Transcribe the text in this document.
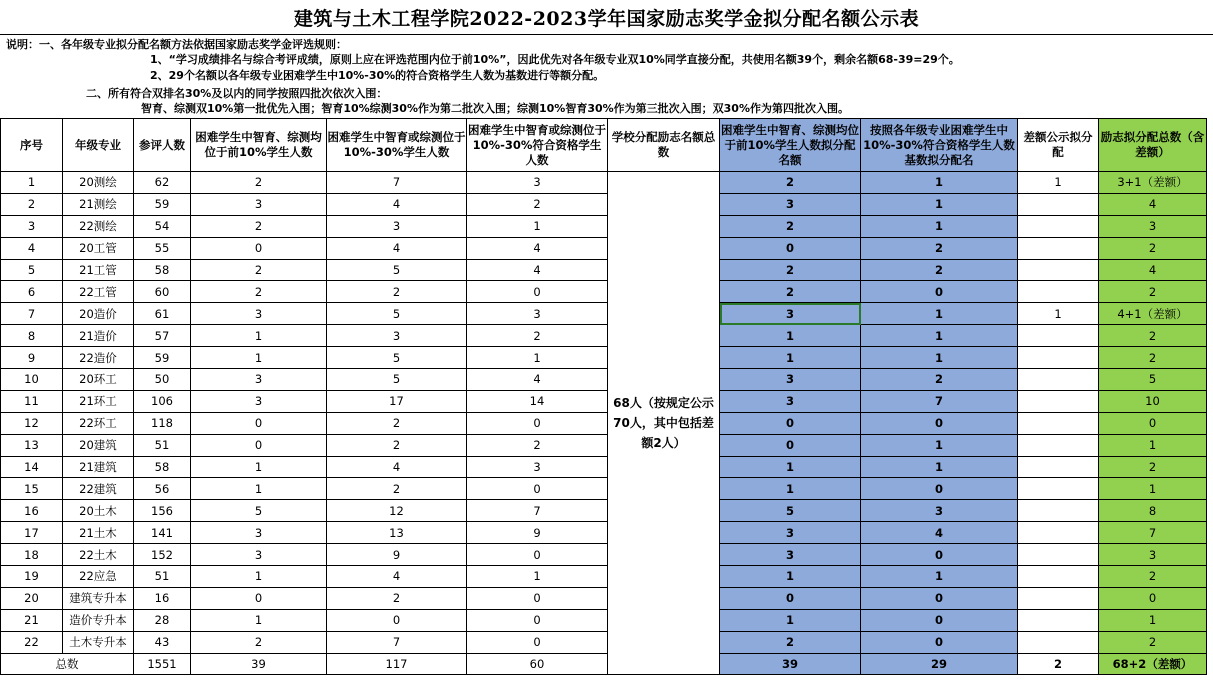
建筑与土木工程学院2022-2023学年国家励志奖学金拟分配名额公示表
说明：一、各年级专业拟分配名额方法依据国家励志奖学金评选规则：
1、“学习成绩排名与综合考评成绩，原则上应在评选范围内位于前10%”，因此优先对各年级专业双10%同学直接分配，共使用名额39个，剩余名额68-39=29个。
2、29个名额以各年级专业困难学生中10%-30%的符合资格学生人数为基数进行等额分配。
二、所有符合双排名30%及以内的同学按照四批次依次入围：
智育、综测双10%第一批优先入围；智育10%综测30%作为第二批次入围；综测10%智育30%作为第三批次入围；双30%作为第四批次入围。
序号	年级专业	参评人数	困难学生中智育、综测均位于前10%学生人数	困难学生中智育或综测位于10%-30%学生人数	困难学生中智育或综测位于10%-30%符合资格学生人数	学校分配励志名额总数	困难学生中智育、综测均位于前10%学生人数拟分配名额	按照各年级专业困难学生中10%-30%符合资格学生人数基数拟分配名	差额公示拟分配	励志拟分配总数（含差额）
1	20测绘	62	2	7	3	68人（按规定公示70人，其中包括差额2人）	2	1	1	3+1（差额）
2	21测绘	59	3	4	2		3	1		4
3	22测绘	54	2	3	1		2	1		3
4	20工管	55	0	4	4		0	2		2
5	21工管	58	2	5	4		2	2		4
6	22工管	60	2	2	0		2	0		2
7	20造价	61	3	5	3		3	1	1	4+1（差额）
8	21造价	57	1	3	2		1	1		2
9	22造价	59	1	5	1		1	1		2
10	20环工	50	3	5	4		3	2		5
11	21环工	106	3	17	14		3	7		10
12	22环工	118	0	2	0		0	0		0
13	20建筑	51	0	2	2		0	1		1
14	21建筑	58	1	4	3		1	1		2
15	22建筑	56	1	2	0		1	0		1
16	20土木	156	5	12	7		5	3		8
17	21土木	141	3	13	9		3	4		7
18	22土木	152	3	9	0		3	0		3
19	22应急	51	1	4	1		1	1		2
20	建筑专升本	16	0	2	0		0	0		0
21	造价专升本	28	1	0	0		1	0		1
22	土木专升本	43	2	7	0		2	0		2
总数		1551	39	117	60		39	29	2	68+2（差额）
